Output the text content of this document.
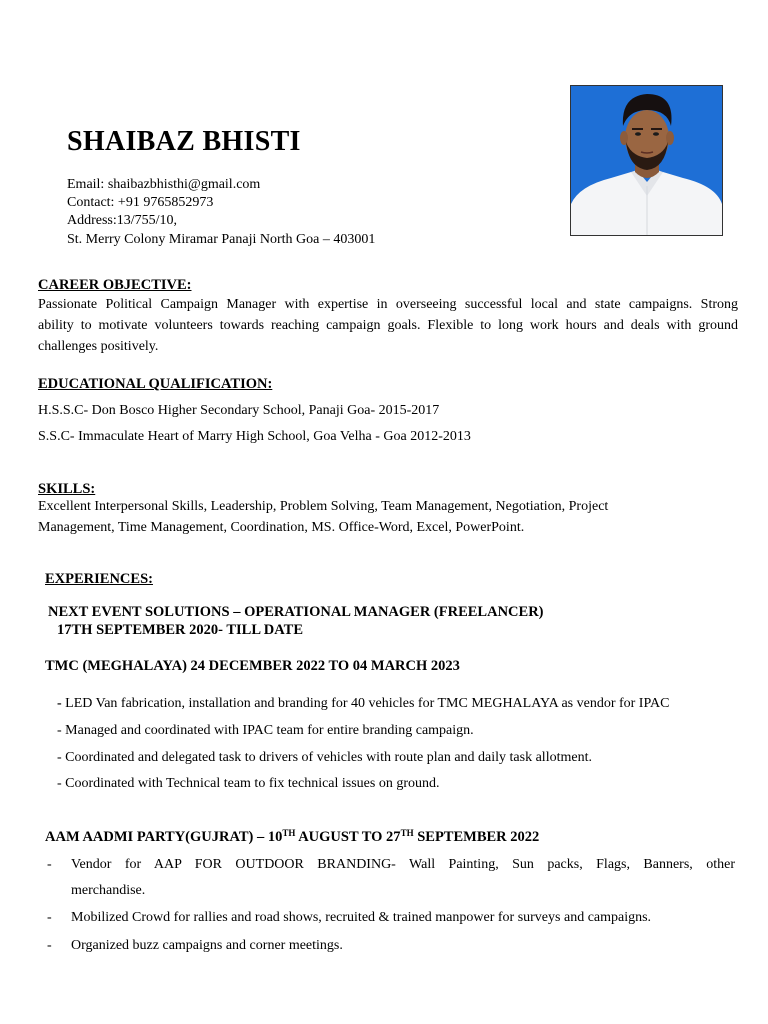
SHAIBAZ BHISTI
Email: shaibazbhisthi@gmail.com
Contact: +91 9765852973
Address:13/755/10,
St. Merry Colony Miramar Panaji North Goa – 403001
CAREER OBJECTIVE:
Passionate Political Campaign Manager with expertise in overseeing successful local and state campaigns. Strong
ability to motivate volunteers towards reaching campaign goals. Flexible to long work hours and deals with ground
challenges positively.
EDUCATIONAL QUALIFICATION:
H.S.S.C- Don Bosco Higher Secondary School, Panaji Goa- 2015-2017
S.S.C- Immaculate Heart of Marry High School, Goa Velha - Goa 2012-2013
SKILLS:
Excellent Interpersonal Skills, Leadership, Problem Solving, Team Management, Negotiation, Project
Management, Time Management, Coordination, MS. Office-Word, Excel, PowerPoint.
EXPERIENCES:
NEXT EVENT SOLUTIONS – OPERATIONAL MANAGER (FREELANCER)
17TH SEPTEMBER 2020- TILL DATE
TMC (MEGHALAYA) 24 DECEMBER 2022 TO 04 MARCH 2023
- LED Van fabrication, installation and branding for 40 vehicles for TMC MEGHALAYA as vendor for IPAC
- Managed and coordinated with IPAC team for entire branding campaign.
- Coordinated and delegated task to drivers of vehicles with route plan and daily task allotment.
- Coordinated with Technical team to fix technical issues on ground.
AAM AADMI PARTY(GUJRAT) – 10TH AUGUST TO 27TH SEPTEMBER 2022
- Vendor for AAP FOR OUTDOOR BRANDING- Wall Painting, Sun packs, Flags, Banners, other
merchandise.
- Mobilized Crowd for rallies and road shows, recruited & trained manpower for surveys and campaigns.
- Organized buzz campaigns and corner meetings.
